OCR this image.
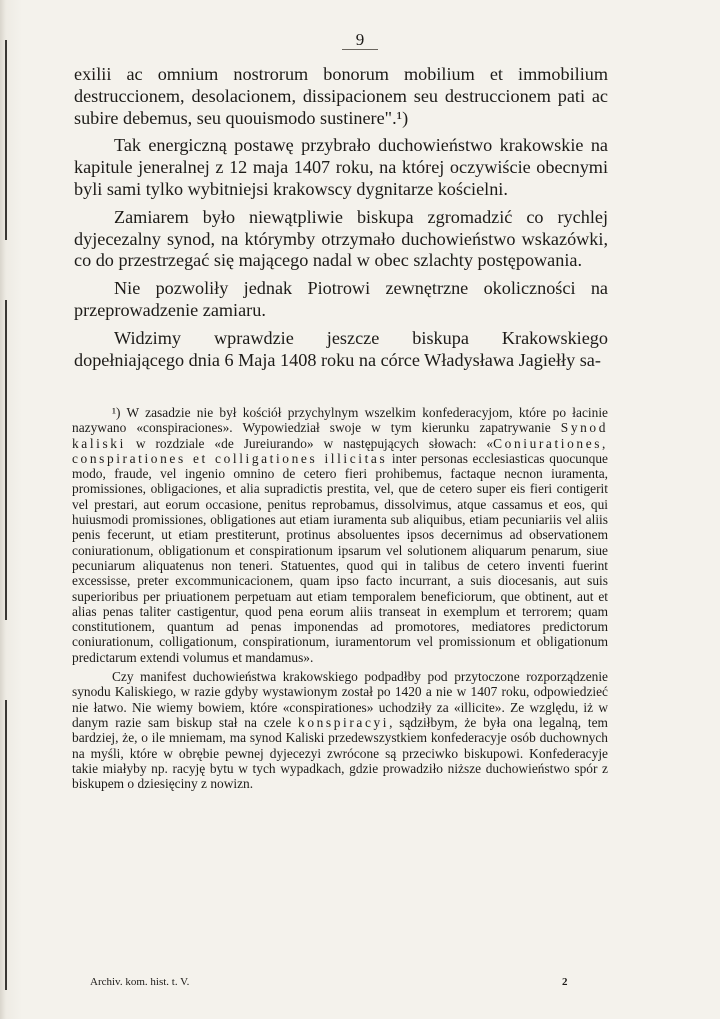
9

exilii ac omnium nostrorum bonorum mobilium et immobilium destruccionem, desolacionem, dissipacionem seu destruccionem pati ac subire debemus, seu quouismodo sustinere".¹)

Tak energiczną postawę przybrało duchowieństwo krakowskie na kapitule jeneralnej z 12 maja 1407 roku, na której oczywiście obecnymi byli sami tylko wybitniejsi krakowscy dygnitarze kościelni.

Zamiarem było niewątpliwie biskupa zgromadzić co rychlej dyjecezalny synod, na którymby otrzymało duchowieństwo wskazówki, co do przestrzegać się mającego nadal w obec szlachty postępowania.

Nie pozwoliły jednak Piotrowi zewnętrzne okoliczności na przeprowadzenie zamiaru.

Widzimy wprawdzie jeszcze biskupa Krakowskiego dopełniającego dnia 6 Maja 1408 roku na córce Władysława Jagiełły sa-

¹) W zasadzie nie był kościół przychylnym wszelkim konfederacyjom, które po łacinie nazywano «conspiraciones». Wypowiedział swoje w tym kierunku zapatrywanie Synod kaliski w rozdziale «de Jureiurando» w następujących słowach: «Coniurationes, conspirationes et colligationes illicitas inter personas ecclesiasticas quocunque modo, fraude, vel ingenio omnino de cetero fieri prohibemus, factaque necnon iuramenta, promissiones, obligaciones, et alia supradictis prestita, vel, que de cetero super eis fieri contigerit vel prestari, aut eorum occasione, penitus reprobamus, dissolvimus, atque cassamus et eos, qui huiusmodi promissiones, obligationes aut etiam iuramenta sub aliquibus, etiam pecuniariis vel aliis penis fecerunt, ut etiam prestiterunt, protinus absoluentes ipsos decernimus ad observationem coniurationum, obligationum et conspirationum ipsarum vel solutionem aliquarum penarum, siue pecuniarum aliquatenus non teneri. Statuentes, quod qui in talibus de cetero inventi fuerint excessisse, preter excommunicacionem, quam ipso facto incurrant, a suis diocesanis, aut suis superioribus per priuationem perpetuam aut etiam temporalem beneficiorum, que obtinent, aut et alias penas taliter castigentur, quod pena eorum aliis transeat in exemplum et terrorem; quam constitutionem, quantum ad penas imponendas ad promotores, mediatores predictorum coniurationum, colligationum, conspirationum, iuramentorum vel promissionum et obligationum predictarum extendi volumus et mandamus».

Czy manifest duchowieństwa krakowskiego podpadłby pod przytoczone rozporządzenie synodu Kaliskiego, w razie gdyby wystawionym został po 1420 a nie w 1407 roku, odpowiedzieć nie łatwo. Nie wiemy bowiem, które «conspirationes» uchodziły za «illicite». Ze względu, iż w danym razie sam biskup stał na czele konspiracyi, sądziłbym, że była ona legalną, tem bardziej, że, o ile mniemam, ma synod Kaliski przedewszystkiem konfederacyje osób duchownych na myśli, które w obrębie pewnej dyjecezyi zwrócone są przeciwko biskupowi. Konfederacyje takie miałyby np. racyję bytu w tych wypadkach, gdzie prowadziło niższe duchowieństwo spór z biskupem o dziesięciny z nowizn.

Archiv. kom. hist. t. V.	2
